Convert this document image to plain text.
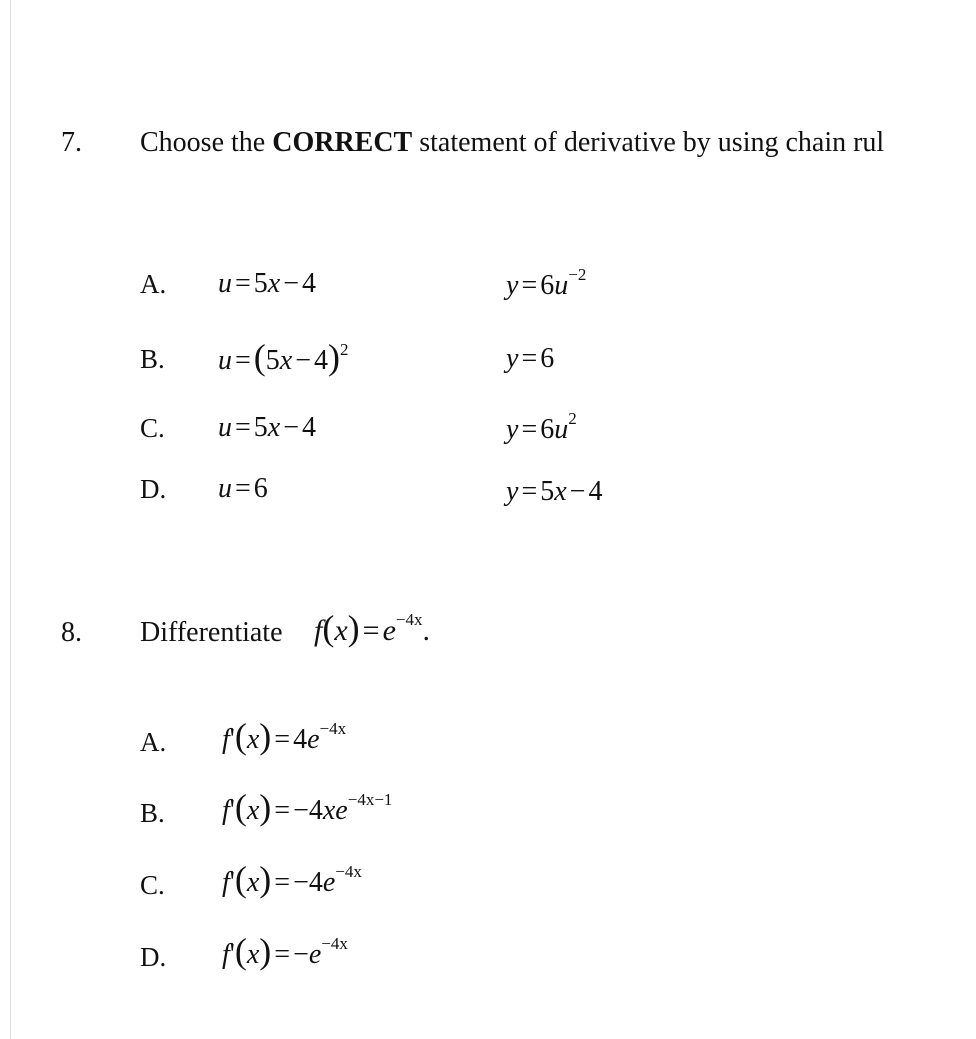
7. Choose the CORRECT statement of derivative by using chain rul
A. u = 5x − 4	$y = 6u^{-2}$
B. $u =(5x - 4)^2$	y = 6
C. u = 5x − 4	$y = 6u^2$
D. u = 6	y = 5x − 4
8. Differentiate $f(x) = e^{-4x}$.
A. $f'(x) = 4e^{-4x}$
B. $f'(x) = -4xe^{-4x-1}$
C. $f'(x) = -4e^{-4x}$
D. $f'(x) = -e^{-4x}$
